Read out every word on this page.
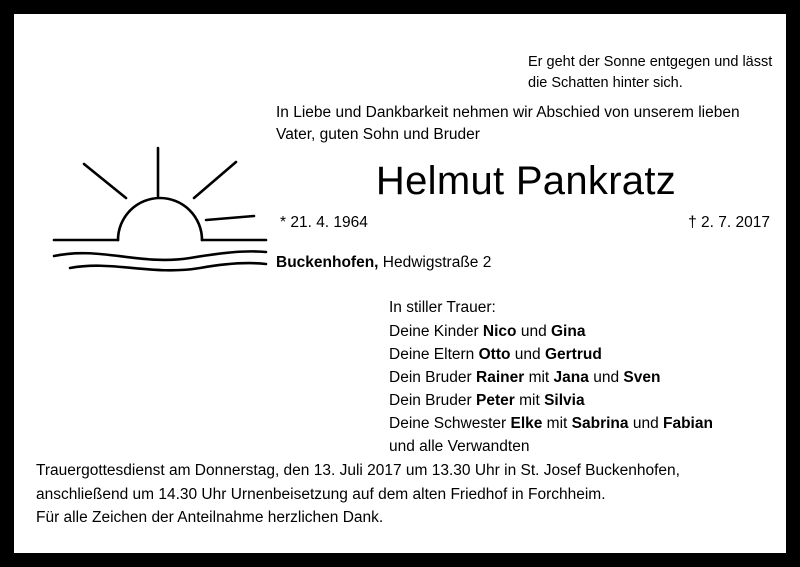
Er geht der Sonne entgegen und lässt die Schatten hinter sich.
In Liebe und Dankbarkeit nehmen wir Abschied von unserem lieben Vater, guten Sohn und Bruder
Helmut Pankratz
* 21. 4. 1964	† 2. 7. 2017
Buckenhofen, Hedwigstraße 2
In stiller Trauer:
Deine Kinder Nico und Gina
Deine Eltern Otto und Gertrud
Dein Bruder Rainer mit Jana und Sven
Dein Bruder Peter mit Silvia
Deine Schwester Elke mit Sabrina und Fabian
und alle Verwandten
Trauergottesdienst am Donnerstag, den 13. Juli 2017 um 13.30 Uhr in St. Josef Buckenhofen,
anschließend um 14.30 Uhr Urnenbeisetzung auf dem alten Friedhof in Forchheim.
Für alle Zeichen der Anteilnahme herzlichen Dank.
